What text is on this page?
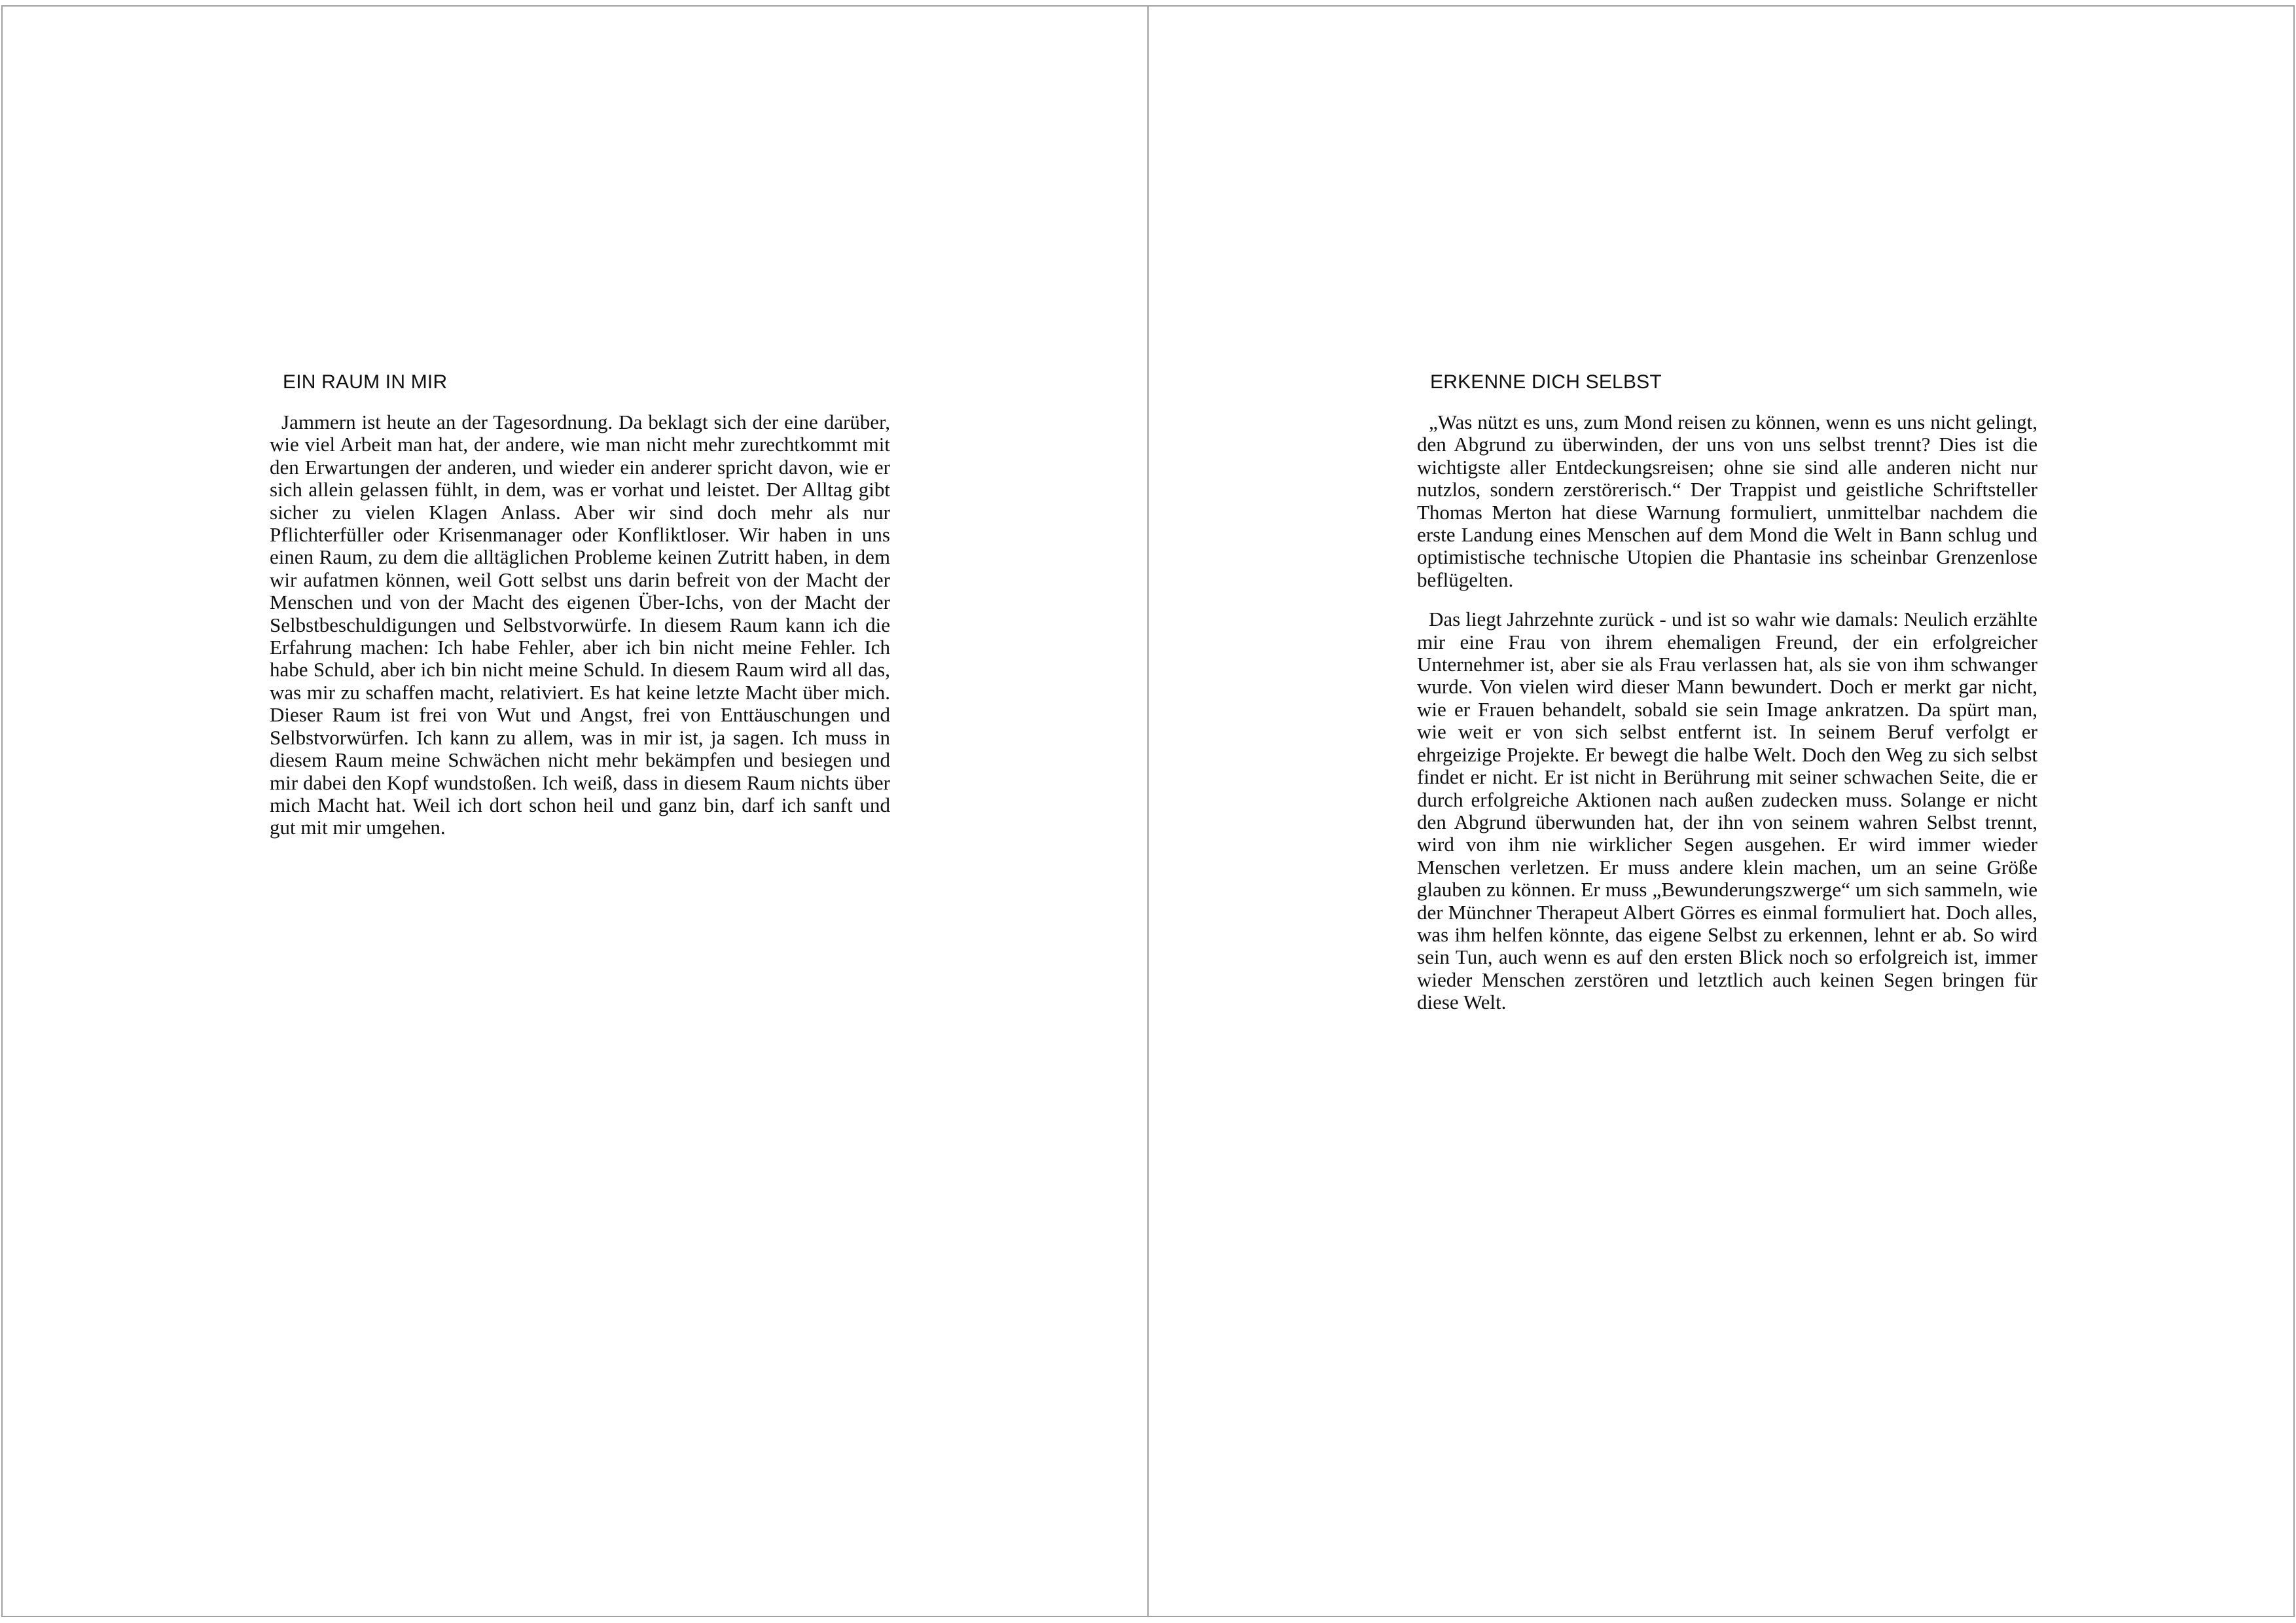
EIN RAUM IN MIR

Jammern ist heute an der Tagesordnung. Da beklagt sich der eine darüber, wie viel Arbeit man hat, der andere, wie man nicht mehr zurechtkommt mit den Erwartungen der anderen, und wieder ein anderer spricht davon, wie er sich allein gelassen fühlt, in dem, was er vorhat und leistet. Der Alltag gibt sicher zu vielen Klagen Anlass. Aber wir sind doch mehr als nur Pflichterfüller oder Krisenmanager oder Konfliktloser. Wir haben in uns einen Raum, zu dem die alltäglichen Probleme keinen Zutritt haben, in dem wir aufatmen können, weil Gott selbst uns darin befreit von der Macht der Menschen und von der Macht des eigenen Über-Ichs, von der Macht der Selbstbeschuldigungen und Selbstvorwürfe. In diesem Raum kann ich die Erfahrung machen: Ich habe Fehler, aber ich bin nicht meine Fehler. Ich habe Schuld, aber ich bin nicht meine Schuld. In diesem Raum wird all das, was mir zu schaffen macht, relativiert. Es hat keine letzte Macht über mich. Dieser Raum ist frei von Wut und Angst, frei von Enttäuschungen und Selbstvorwürfen. Ich kann zu allem, was in mir ist, ja sagen. Ich muss in diesem Raum meine Schwächen nicht mehr bekämpfen und besiegen und mir dabei den Kopf wundstoßen. Ich weiß, dass in diesem Raum nichts über mich Macht hat. Weil ich dort schon heil und ganz bin, darf ich sanft und gut mit mir umgehen.

ERKENNE DICH SELBST

„Was nützt es uns, zum Mond reisen zu können, wenn es uns nicht gelingt, den Abgrund zu überwinden, der uns von uns selbst trennt? Dies ist die wichtigste aller Entdeckungsreisen; ohne sie sind alle anderen nicht nur nutzlos, sondern zerstörerisch.“ Der Trappist und geistliche Schriftsteller Thomas Merton hat diese Warnung formuliert, unmittelbar nachdem die erste Landung eines Menschen auf dem Mond die Welt in Bann schlug und optimistische technische Utopien die Phantasie ins scheinbar Grenzenlose beflügelten.

Das liegt Jahrzehnte zurück - und ist so wahr wie damals: Neulich erzählte mir eine Frau von ihrem ehemaligen Freund, der ein erfolgreicher Unternehmer ist, aber sie als Frau verlassen hat, als sie von ihm schwanger wurde. Von vielen wird dieser Mann bewundert. Doch er merkt gar nicht, wie er Frauen behandelt, sobald sie sein Image ankratzen. Da spürt man, wie weit er von sich selbst entfernt ist. In seinem Beruf verfolgt er ehrgeizige Projekte. Er bewegt die halbe Welt. Doch den Weg zu sich selbst findet er nicht. Er ist nicht in Berührung mit seiner schwachen Seite, die er durch erfolgreiche Aktionen nach außen zudecken muss. Solange er nicht den Abgrund überwunden hat, der ihn von seinem wahren Selbst trennt, wird von ihm nie wirklicher Segen ausgehen. Er wird immer wieder Menschen verletzen. Er muss andere klein machen, um an seine Größe glauben zu können. Er muss „Bewunderungszwerge“ um sich sammeln, wie der Münchner Therapeut Albert Görres es einmal formuliert hat. Doch alles, was ihm helfen könnte, das eigene Selbst zu erkennen, lehnt er ab. So wird sein Tun, auch wenn es auf den ersten Blick noch so erfolgreich ist, immer wieder Menschen zerstören und letztlich auch keinen Segen bringen für diese Welt.
